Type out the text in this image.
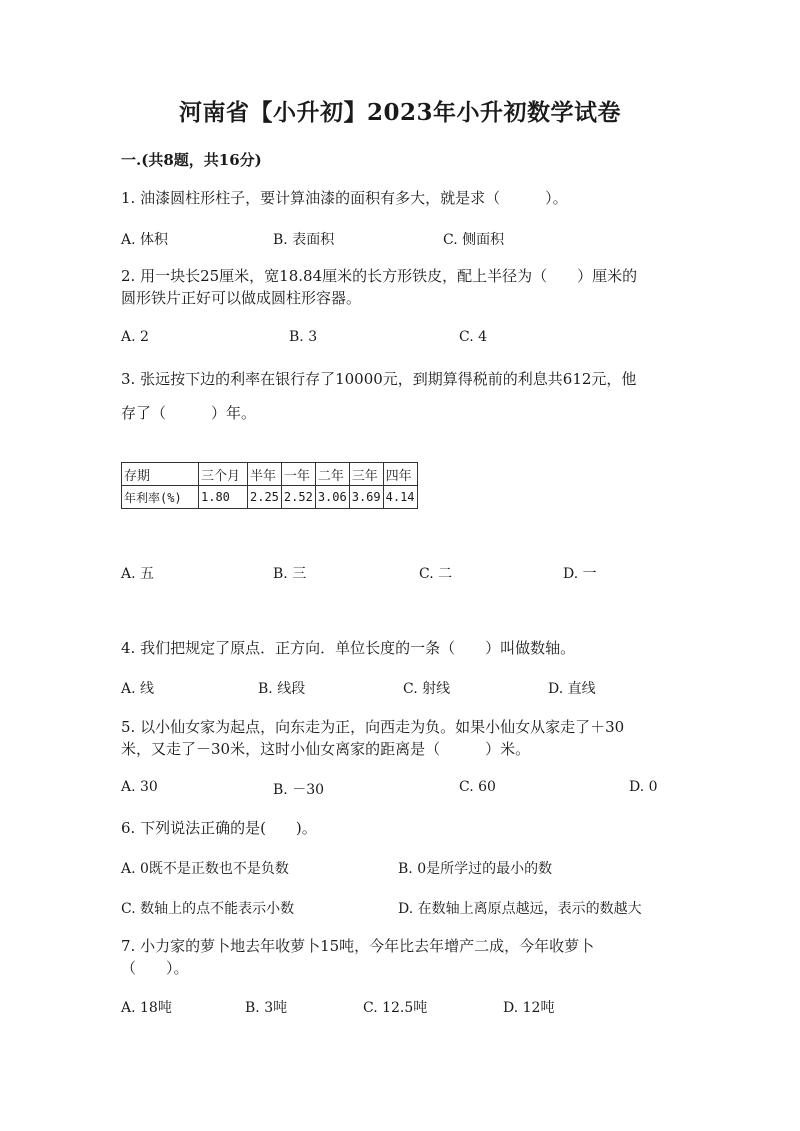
河南省【小升初】2023年小升初数学试卷
一.(共8题，共16分)
1. 油漆圆柱形柱子，要计算油漆的面积有多大，就是求（　　　）。
A. 体积	B. 表面积	C. 侧面积
2. 用一块长25厘米，宽18.84厘米的长方形铁皮，配上半径为（　　）厘米的
圆形铁片正好可以做成圆柱形容器。
A. 2	B. 3	C. 4
3. 张远按下边的利率在银行存了10000元，到期算得税前的利息共612元，他
存了（　　　）年。
存期	三个月	半年	一年	二年	三年	四年
年利率(%)	1.80	2.25	2.52	3.06	3.69	4.14
A. 五	B. 三	C. 二	D. 一
4. 我们把规定了原点．正方向．单位长度的一条（　　）叫做数轴。
A. 线	B. 线段	C. 射线	D. 直线
5. 以小仙女家为起点，向东走为正，向西走为负。如果小仙女从家走了＋30
米，又走了－30米，这时小仙女离家的距离是（　　　）米。
A. 30	B. －30	C. 60	D. 0
6. 下列说法正确的是(　　)。
A. 0既不是正数也不是负数	B. 0是所学过的最小的数
C. 数轴上的点不能表示小数	D. 在数轴上离原点越远，表示的数越大
7. 小力家的萝卜地去年收萝卜15吨，今年比去年增产二成，今年收萝卜
（　　）。
A. 18吨	B. 3吨	C. 12.5吨	D. 12吨
